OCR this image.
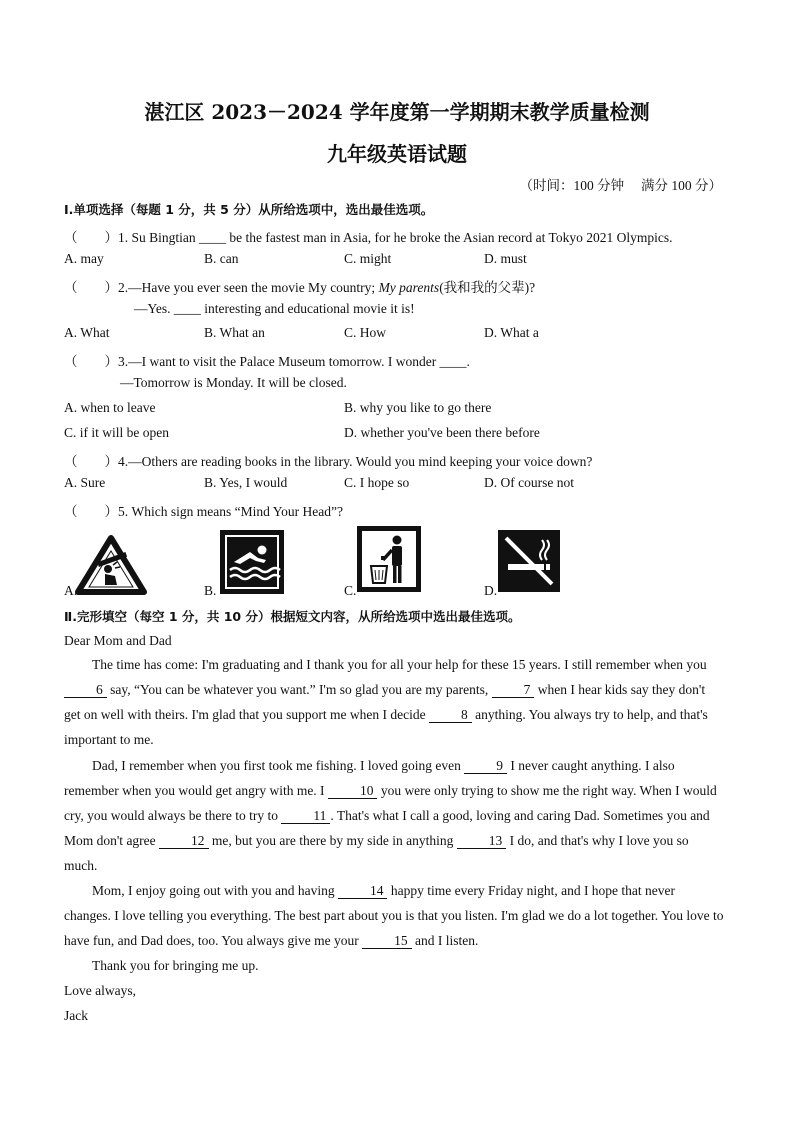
湛江区 2023－2024 学年度第一学期期末教学质量检测
九年级英语试题
（时间：100 分钟　 满分 100 分）
Ⅰ.单项选择（每题 1 分，共 5 分）从所给选项中，选出最佳选项。
（　　）1. Su Bingtian ____ be the fastest man in Asia, for he broke the Asian record at Tokyo 2021 Olympics.
A. may	B. can	C. might	D. must
（　　）2.—Have you ever seen the movie My country; My parents(我和我的父辈)?
—Yes. ____ interesting and educational movie it is!
A. What	B. What an	C. How	D. What a
（　　）3.—I want to visit the Palace Museum tomorrow. I wonder ____.
—Tomorrow is Monday. It will be closed.
A. when to leave	B. why you like to go there
C. if it will be open	D. whether you've been there before
（　　）4.—Others are reading books in the library. Would you mind keeping your voice down?
A. Sure	B. Yes, I would	C. I hope so	D. Of course not
（　　）5. Which sign means “Mind Your Head”?
A.	B.	C.	D.
Ⅱ.完形填空（每空 1 分，共 10 分）根据短文内容，从所给选项中选出最佳选项。
Dear Mom and Dad
The time has come: I'm graduating and I thank you for all your help for these 15 years. I still remember when you 6 say, “You can be whatever you want.” I'm so glad you are my parents, 7 when I hear kids say they don't get on well with theirs. I'm glad that you support me when I decide 8 anything. You always try to help, and that's important to me.
Dad, I remember when you first took me fishing. I loved going even 9 I never caught anything. I also remember when you would get angry with me. I 10 you were only trying to show me the right way. When I would cry, you would always be there to try to 11 . That's what I call a good, loving and caring Dad. Sometimes you and Mom don't agree 12 me, but you are there by my side in anything 13 I do, and that's why I love you so much.
Mom, I enjoy going out with you and having 14 happy time every Friday night, and I hope that never changes. I love telling you everything. The best part about you is that you listen. I'm glad we do a lot together. You love to have fun, and Dad does, too. You always give me your 15 and I listen.
Thank you for bringing me up.
Love always,
Jack
